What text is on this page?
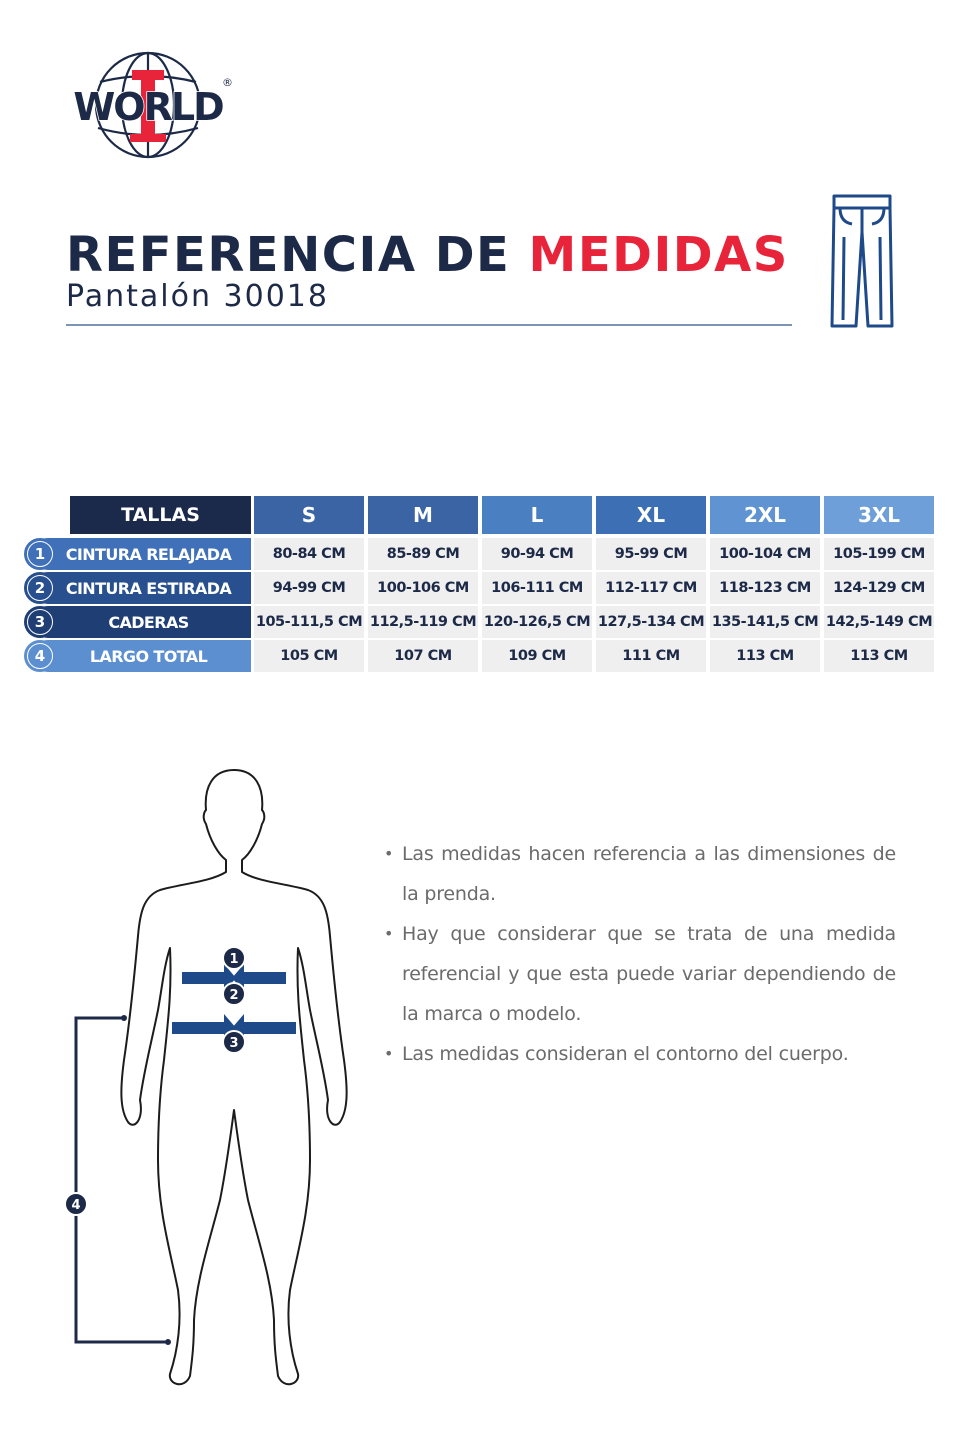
WORLD
®
REFERENCIA DE MEDIDAS
Pantalón 30018
TALLAS	S	M	L	XL	2XL	3XL
CINTURA RELAJADA
1	80-84 CM	85-89 CM	90-94 CM	95-99 CM	100-104 CM	105-199 CM
CINTURA ESTIRADA
2	94-99 CM	100-106 CM	106-111 CM	112-117 CM	118-123 CM	124-129 CM
CADERAS
3	105-111,5 CM 112,5-119 CM 120-126,5 CM 127,5-134 CM 135-141,5 CM 142,5-149 CM
LARGO TOTAL
4	105 CM	107 CM	109 CM	111 CM	113 CM	113 CM
1
2
3
4
• Las medidas hacen referencia a las dimensiones de la prenda.
• Hay que considerar que se trata de una medida referencial y que esta puede variar dependiendo de la marca o modelo.
• Las medidas consideran el contorno del cuerpo.
